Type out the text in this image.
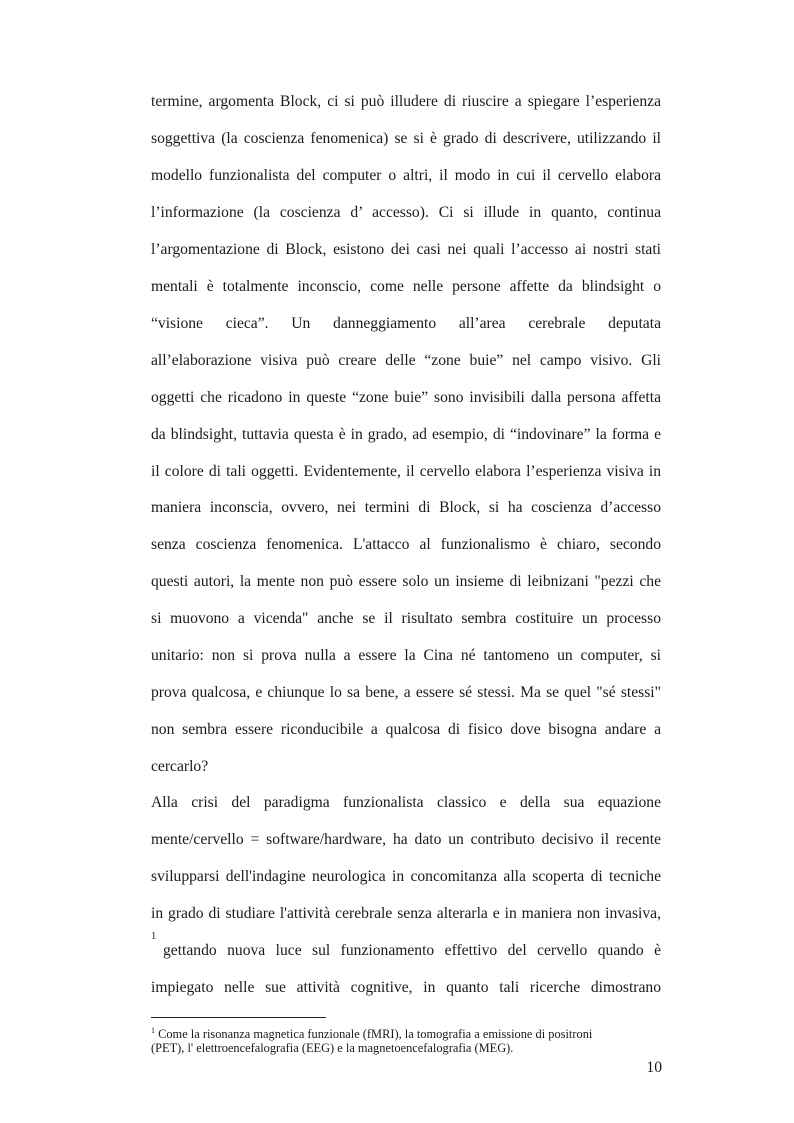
termine, argomenta Block, ci si può illudere di riuscire a spiegare l’esperienza
soggettiva (la coscienza fenomenica) se si è grado di descrivere, utilizzando il
modello funzionalista del computer o altri, il modo in cui il cervello elabora
l’informazione (la coscienza d’ accesso). Ci si illude in quanto, continua
l’argomentazione di Block, esistono dei casi nei quali l’accesso ai nostri stati
mentali è totalmente inconscio, come nelle persone affette da blindsight o
“visione cieca”. Un danneggiamento all’area cerebrale deputata
all’elaborazione visiva può creare delle “zone buie” nel campo visivo. Gli
oggetti che ricadono in queste “zone buie” sono invisibili dalla persona affetta
da blindsight, tuttavia questa è in grado, ad esempio, di “indovinare” la forma e
il colore di tali oggetti. Evidentemente, il cervello elabora l’esperienza visiva in
maniera inconscia, ovvero, nei termini di Block, si ha coscienza d’accesso
senza coscienza fenomenica. L'attacco al funzionalismo è chiaro, secondo
questi autori, la mente non può essere solo un insieme di leibnizani "pezzi che
si muovono a vicenda" anche se il risultato sembra costituire un processo
unitario: non si prova nulla a essere la Cina né tantomeno un computer, si
prova qualcosa, e chiunque lo sa bene, a essere sé stessi. Ma se quel "sé stessi"
non sembra essere riconducibile a qualcosa di fisico dove bisogna andare a
cercarlo?
Alla crisi del paradigma funzionalista classico e della sua equazione
mente/cervello = software/hardware, ha dato un contributo decisivo il recente
svilupparsi dell'indagine neurologica in concomitanza alla scoperta di tecniche
in grado di studiare l'attività cerebrale senza alterarla e in maniera non invasiva,
1
gettando nuova luce sul funzionamento effettivo del cervello quando è
impiegato nelle sue attività cognitive, in quanto tali ricerche dimostrano
$^1$ Come la risonanza magnetica funzionale (fMRI), la tomografia a emissione di positroni
(PET), l' elettroencefalografia (EEG) e la magnetoencefalografia (MEG).
10
